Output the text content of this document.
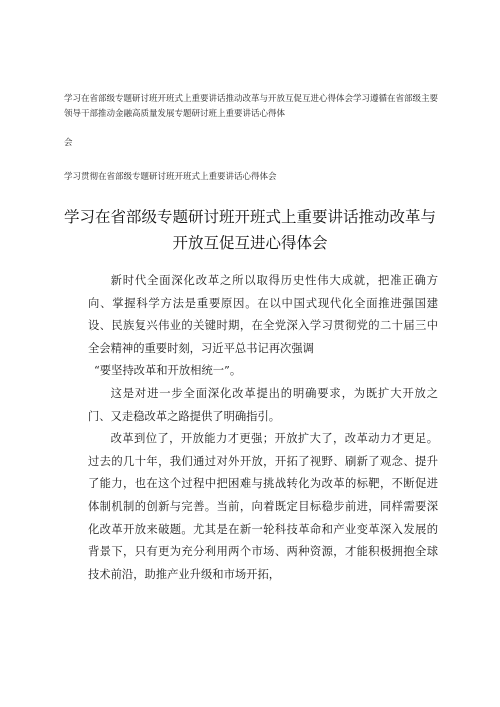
学习在省部级专题研讨班开班式上重要讲话推动改革与开放互促互进心得体会学习遵循在省部级主要领导干部推动金融高质量发展专题研讨班上重要讲话心得体

会

学习贯彻在省部级专题研讨班开班式上重要讲话心得体会

学习在省部级专题研讨班开班式上重要讲话推动改革与
开放互促互进心得体会

新时代全面深化改革之所以取得历史性伟大成就，把准正确方向、掌握科学方法是重要原因。在以中国式现代化全面推进强国建设、民族复兴伟业的关键时期，在全党深入学习贯彻党的二十届三中全会精神的重要时刻，习近平总书记再次强调

“要坚持改革和开放相统一”。

这是对进一步全面深化改革提出的明确要求，为既扩大开放之门、又走稳改革之路提供了明确指引。

改革到位了，开放能力才更强；开放扩大了，改革动力才更足。过去的几十年，我们通过对外开放，开拓了视野、刷新了观念、提升了能力，也在这个过程中把困难与挑战转化为改革的标靶，不断促进体制机制的创新与完善。当前，向着既定目标稳步前进，同样需要深化改革开放来破题。尤其是在新一轮科技革命和产业变革深入发展的背景下，只有更为充分利用两个市场、两种资源，才能积极拥抱全球技术前沿，助推产业升级和市场开拓，
